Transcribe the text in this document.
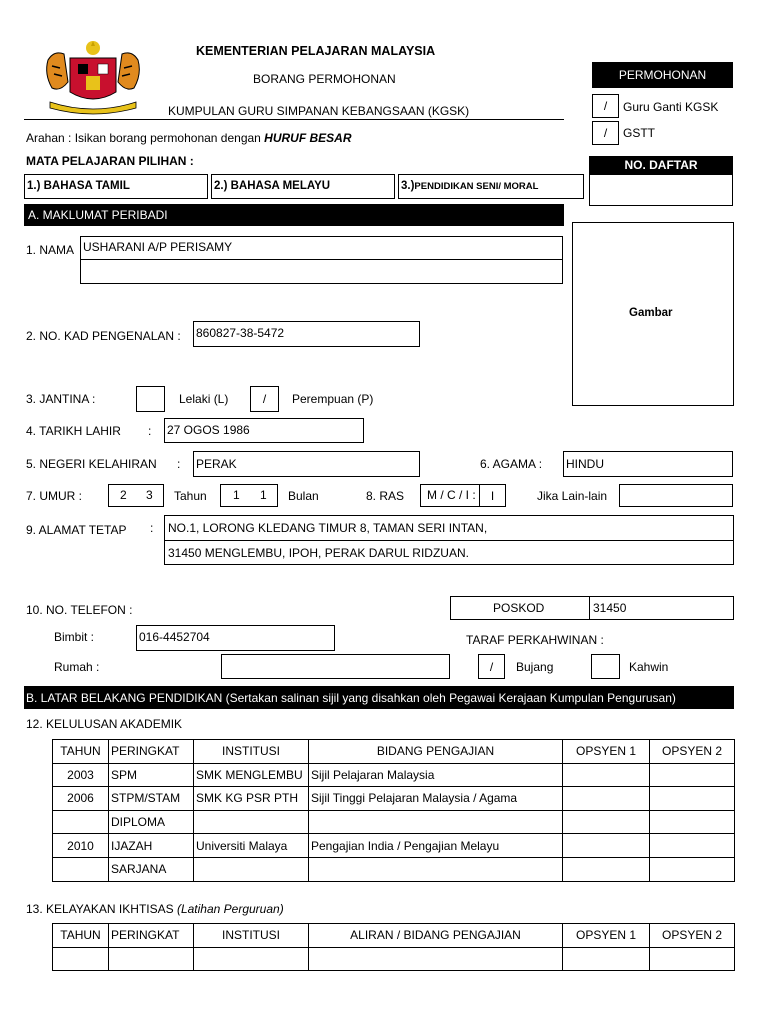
KEMENTERIAN PELAJARAN MALAYSIA
BORANG PERMOHONAN
KUMPULAN GURU SIMPANAN KEBANGSAAN (KGSK)
Arahan : Isikan borang permohonan dengan HURUF BESAR
PERMOHONAN
/	Guru Ganti KGSK
/	GSTT
NO. DAFTAR
MATA PELAJARAN PILIHAN :
1.) BAHASA TAMIL	2.) BAHASA MELAYU	3.)PENDIDIKAN SENI/ MORAL
A. MAKLUMAT PERIBADI
Gambar
1. NAMA USHARANI A/P PERISAMY
2. NO. KAD PENGENALAN : 860827-38-5472
3. JANTINA :	Lelaki (L)	/	Perempuan (P)
4. TARIKH LAHIR : 27 OGOS 1986
5. NEGERI KELAHIRAN : PERAK	6. AGAMA : HINDU
7. UMUR :	2 3 Tahun 1 1 Bulan	8. RAS M / C / I :	I	Jika Lain-lain
9. ALAMAT TETAP : NO.1, LORONG KLEDANG TIMUR 8, TAMAN SERI INTAN,
31450 MENGLEMBU, IPOH, PERAK DARUL RIDZUAN.
POSKOD	31450
10. NO. TELEFON :
Bimbit :	016-4452704	TARAF PERKAHWINAN :
Rumah :	/	Bujang	Kahwin
B. LATAR BELAKANG PENDIDIKAN (Sertakan salinan sijil yang disahkan oleh Pegawai Kerajaan Kumpulan Pengurusan)
12. KELULUSAN AKADEMIK
TAHUN	PERINGKAT	INSTITUSI	BIDANG PENGAJIAN	OPSYEN 1	OPSYEN 2
2003	SPM	SMK MENGLEMBU	Sijil Pelajaran Malaysia		
2006	STPM/STAM	SMK KG PSR PTH	Sijil Tinggi Pelajaran Malaysia / Agama		
	DIPLOMA				
2010	IJAZAH	Universiti Malaya	Pengajian India / Pengajian Melayu		
	SARJANA				
13. KELAYAKAN IKHTISAS (Latihan Perguruan)
TAHUN	PERINGKAT	INSTITUSI	ALIRAN / BIDANG PENGAJIAN	OPSYEN 1	OPSYEN 2
